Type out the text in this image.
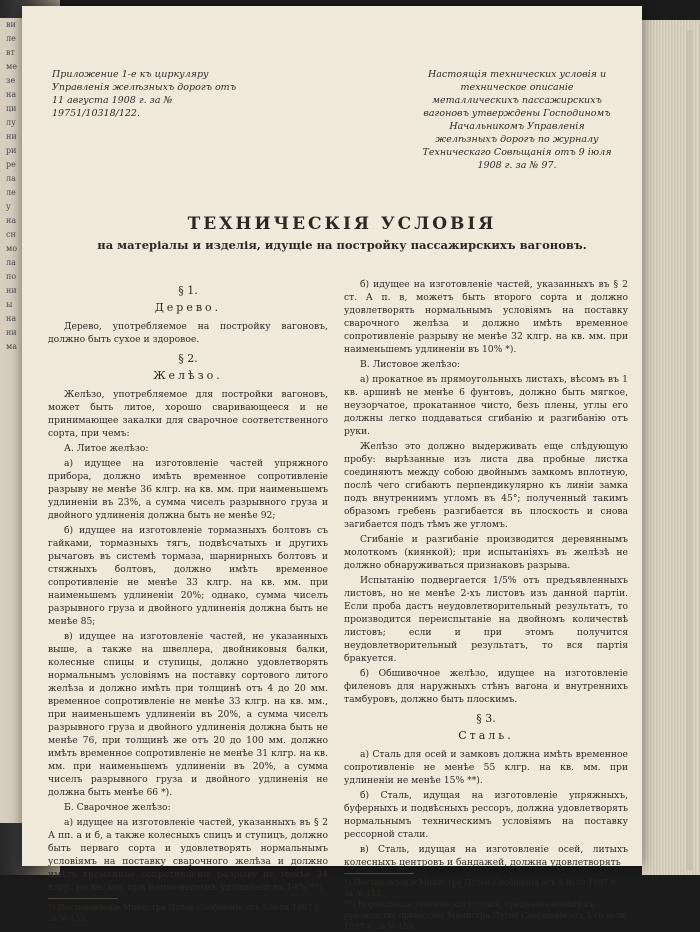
ви
ле
вт
ме
зе
на
ци
лу
ни
ри
ре
ла
ле
у
на
сн
мо
ла
по
ни
ы
на
ни
ма
Приложение 1-е къ циркуляру Управленія желѣзныхъ дорогъ отъ 11 августа 1908 г. за № 19751/10318/122.
Настоящія технических условія и техническое описаніе металлическихъ пассажирскихъ вагоновъ утверждены Господиномъ Начальникомъ Управленія желѣзныхъ дорогъ по журналу Техническаго Совѣщанія отъ 9 іюля 1908 г. за № 97.
ТЕХНИЧЕСКІЯ УСЛОВІЯ
на матеріалы и изделія, идущіе на постройку пассажирскихъ вагоновъ.
§ 1.
Дерево.
Дерево, употребляемое на постройку вагоновъ, должно быть сухое и здоровое.
§ 2.
Желѣзо.
Желѣзо, употребляемое для постройки вагоновъ, может быть литое, хорошо сваривающееся и не принимающее закалки для сварочное соответственного сорта, при чемъ:
А. Литое желѣзо:
а) идущее на изготовленіе частей упряжного прибора, должно имѣть временное сопротивленіе разрыву не менѣе 36 клгр. на кв. мм. при наименьшемъ удлиненіи въ 23%, а сумма чиселъ разрывного груза и двойного удлиненія должна быть не менѣе 92;
б) идущее на изготовленіе тормазныхъ болтовъ съ гайками, тормазныхъ тягъ, подвѣсчатыхъ и другихъ рычаговъ въ системѣ тормаза, шарнирныхъ болтовъ и стяжныхъ болтовъ, должно имѣть временное сопротивленіе не менѣе 33 клгр. на кв. мм. при наименьшемъ удлиненіи 20%; однако, сумма чиселъ разрывного груза и двойного удлиненія должна быть не менѣе 85;
в) идущее на изготовленіе частей, не указанныхъ выше, а также на швеллера, двойниковыя балки, колесные спицы и ступицы, должно удовлетворять нормальнымъ условіямъ на поставку сортового литого желѣза и должно имѣть при толщинѣ отъ 4 до 20 мм. временное сопротивленіе не менѣе 33 клгр. на кв. мм., при наименьшемъ удлиненіи въ 20%, а сумма чиселъ разрывного груза и двойного удлиненія должна быть не менѣе 76, при толщинѣ же отъ 20 до 100 мм. должно имѣть временное сопротивленіе не менѣе 31 клгр. на кв. мм. при наименьшемъ удлиненіи въ 20%, а сумма чиселъ разрывного груза и двойного удлиненія не должна быть менѣе 66 *).
Б. Сварочное желѣзо:
а) идущее на изготовленіе частей, указанныхъ въ § 2 А пп. а и б, а также колесныхъ спицъ и ступицъ, должно быть перваго сорта и удовлетворять нормальнымъ условіямъ на поставку сварочного желѣза и должно имѣть временное сопротивленіе разрыву не менѣе 34 клгр. на кв. мм. при наименьшемъ удлиненіи въ 14% **).
*) Постановленіе Министра Путей Сообщенія отъ 5 іюля 1897 г. за № 153.
б) идущее на изготовленіе частей, указанныхъ въ § 2 ст. А п. в, можетъ быть второго сорта и должно удовлетворять нормальнымъ условіямъ на поставку сварочного желѣза и должно имѣть временное сопротивленіе разрыву не менѣе 32 клгр. на кв. мм. при наименьшемъ удлиненіи въ 10% *).
В. Листовое желѣзо:
а) прокатное въ прямоугольныхъ листахъ, вѣсомъ въ 1 кв. аршинѣ не менѣе 6 фунтовъ, должно быть мягкое, неузорчатое, прокатанное чисто, безъ плены, углы его должны легко поддаваться сгибанію и разгибанію отъ руки.
Желѣзо это должно выдерживать еще слѣдующую пробу: вырѣзанные изъ листа два пробные листка соединяютъ между собою двойнымъ замкомъ вплотную, послѣ чего сгибаютъ перпендикулярно къ линіи замка подъ внутреннимъ угломъ въ 45°; полученный такимъ образомъ гребень разгибается въ плоскость и снова загибается подъ тѣмъ же угломъ.
Сгибаніе и разгибаніе производится деревяннымъ молоткомъ (киянкой); при испытаніяхъ въ желѣзѣ не должно обнаруживаться признаковъ разрыва.
Испытанію подвергается 1/5% отъ предъявленныхъ листовъ, но не менѣе 2-хъ листовъ изъ данной партіи. Если проба дастъ неудовлетворительный результатъ, то производится переиспытаніе на двойномъ количествѣ листовъ; если и при этомъ получится неудовлетворительный результатъ, то вся партія бракуется.
б) Обшивочное желѣзо, идущее на изготовленіе филеновъ для наружныхъ стѣнъ вагона и внутреннихъ тамбуровъ, должно быть плоскимъ.
§ 3.
Сталь.
а) Сталь для осей и замковъ должна имѣть временное сопротивленіе не менѣе 55 клгр. на кв. мм. при удлиненіи не менѣе 15% **).
б) Сталь, идущая на изготовленіе упряжныхъ, буферныхъ и подвѣсныхъ рессоръ, должна удовлетворять нормальнымъ техническимъ условіямъ на поставку рессорной стали.
в) Сталь, идущая на изготовленіе осей, литыхъ колесныхъ центровъ и бандажей, должна удовлетворять
*) Постановленіе Министра Путей Сообщенія отъ 5 іюля 1897 г. за № 153.
**) Нормальныя техническія условія, предназначенныя къ руководству приказомъ Министра Путей Сообщенія отъ 5-го іюля 1897 г. за № 153.
